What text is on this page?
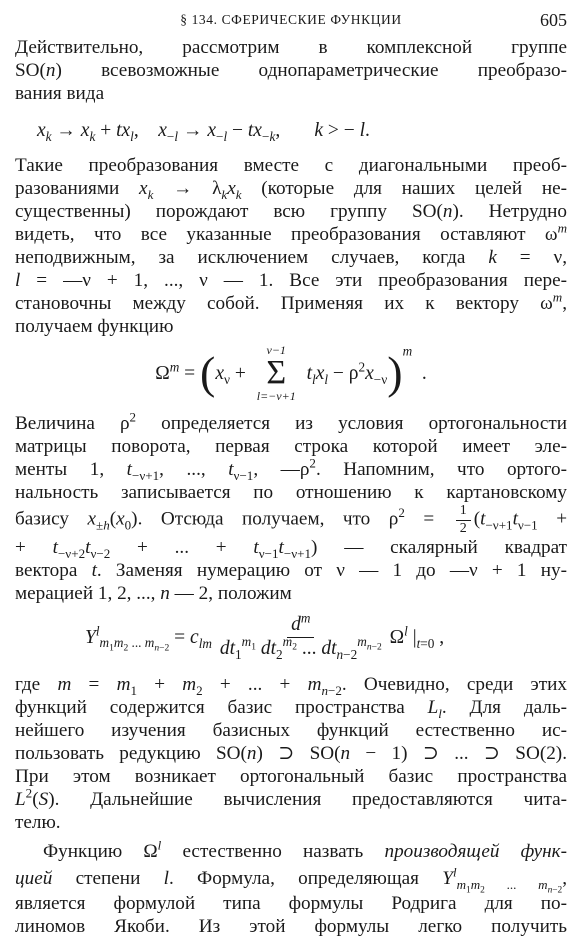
§ 134. СФЕРИЧЕСКИЕ ФУНКЦИИ	605

Действительно, рассмотрим в комплексной группе

SO(n) всевозможные однопараметрические преобразо-

вания вида

$x_k \to x_k + tx_l$,    $x_{-l} \to x_{-l} - tx_{-k}$,       k > − l.

Такие преобразования вместе с диагональными преоб-

разованиями $x_k \to \lambda_kx_k$ (которые для наших целей не-

существенны) порождают всю группу SO(n). Нетрудно

видеть, что все указанные преобразования оставляют $\omega^m$

неподвижным, за исключением случаев, когда k = ν,

l = —ν + 1, ..., ν — 1. Все эти преобразования пере-

становочны между собой. Применяя их к вектору $\omega^m$,

получаем функцию

$\Omega^m = (x_\nu$ +
ν−1
Σ
l=−ν+1
$t_lx_l - \rho^2x_{-\nu})^m$  .

Величина $\rho^2$ определяется из условия ортогональности

матрицы поворота, первая строка которой имеет эле-

менты 1, $t_{-\nu+1}$, ..., $t_{\nu-1}$, $—\rho^2$. Напомним, что ортого-

нальность записывается по отношению к картановскому

базису $x_{\pm h}(x_0)$. Отсюда получаем, что $\rho^2 = \frac{1}{2} (t_{-\nu+1}t_{\nu-1}$ +

+ $t_{-\nu+2}t_{\nu-2}$ + ... + $t_{\nu-1}t_{-\nu+1}$) — скалярный квадрат

вектора t. Заменяя нумерацию от ν — 1 до —ν + 1 ну-

мерацией 1, 2, ..., n — 2, положим

$Y^l_{m_1m_2 ... m_{n-2}} = c_{lm} \frac{d^m}{dt_1^{m_1} dt_2^{m_2} ... dt_{n-2}^{m_{n-2}}} \Omega^l$ $|_{t=0}$ ,

где $m = m_1 + m_2$ + ... + $m_{n-2}$. Очевидно, среди этих

функций содержится базис пространства $L_l$. Для даль-

нейшего изучения базисных функций естественно ис-

пользовать редукцию SO(n) ⊃ SO(n − 1) ⊃ ... ⊃ SO(2).

При этом возникает ортогональный базис пространства

$L^2(S)$. Дальнейшие вычисления предоставляются чита-

телю.

Функцию $\Omega^l$ естественно назвать производящей функ-

цией степени l. Формула, определяющая $Y^l_{m_1m_2 ... m_{n-2}}$,

является формулой типа формулы Родрига для по-

линомов Якоби. Из этой формулы легко получить
